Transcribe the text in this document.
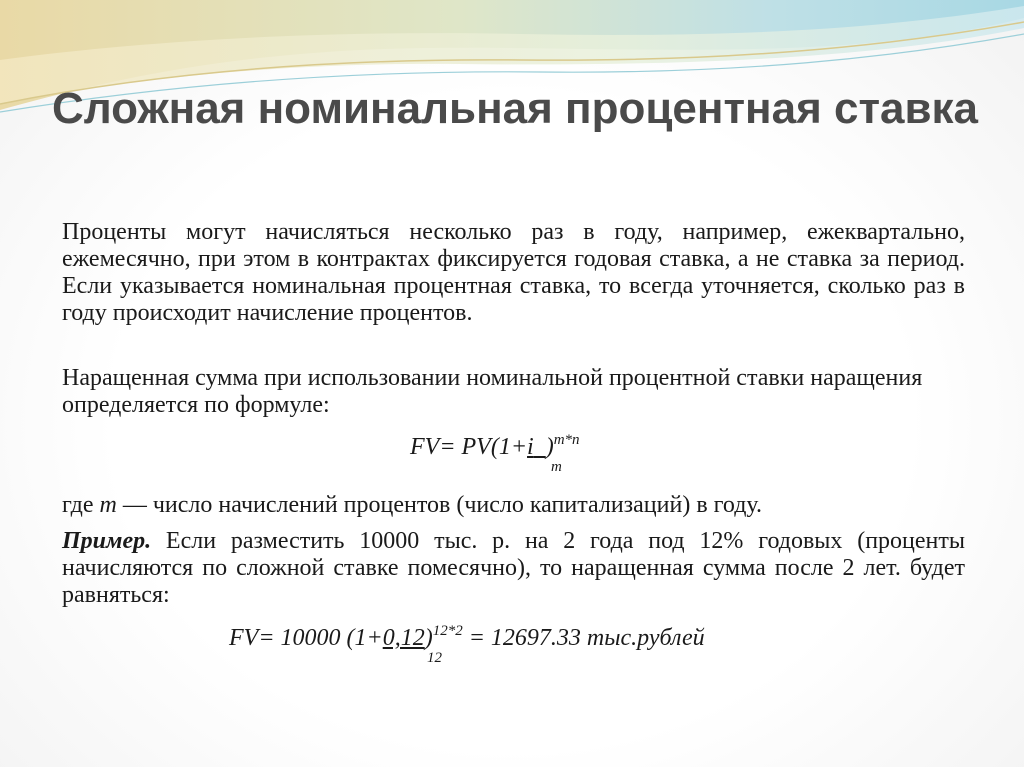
Сложная номинальная процентная ставка

Проценты могут начисляться несколько раз в году, например, ежеквартально, ежемесячно, при этом в контрактах фиксируется годовая ставка, а не ставка за период. Если указывается номинальная процентная ставка, то всегда уточняется, сколько раз в году происходит начисление процентов.

Наращенная сумма при использовании номинальной процентной ставки наращения определяется по формуле:

FV= PV(1+i )$^{m*n}$
m

где m — число начислений процентов (число капитализаций) в году.

Пример. Если разместить 10000 тыс. р. на 2 года под 12% годовых (проценты начисляются по сложной ставке помесячно), то наращенная сумма после 2 лет. будет равняться:

FV= 10000 $(1+0,12)^{12*2} = 12697.33$ тыс.рублей
12
